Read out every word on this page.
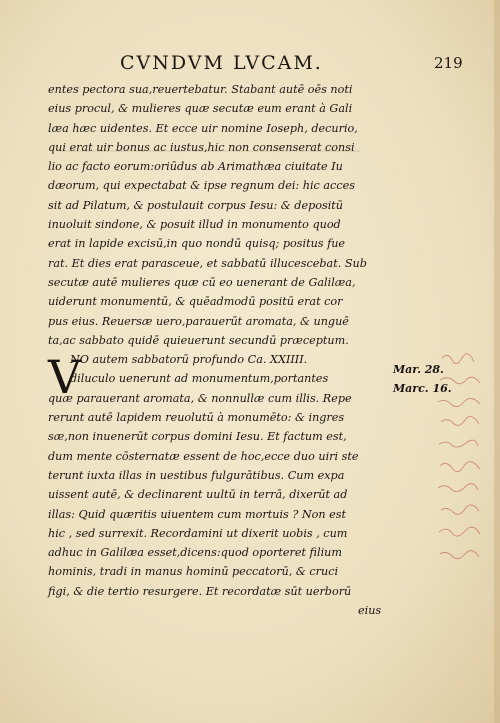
CVNDVM LVCAM.	219
entes pectora sua,reuertebatur. Stabant autē oēs noti
eius procul, & mulieres quæ secutæ eum erant à Gali
læa hæc uidentes. Et ecce uir nomine Ioseph, decurio,
qui erat uir bonus ac iustus,hic non consenserat consi
lio ac facto eorum:oriūdus ab Arimathæa ciuitate Iu
dæorum, qui expectabat & ipse regnum dei: hic acces
sit ad Pilatum, & postulauit corpus Iesu: & depositū
inuoluit sindone, & posuit illud in monumento quod
erat in lapide excisū,in quo nondū quisq; positus fue
rat. Et dies erat parasceue, et sabbatū illucescebat. Sub
secutæ autē mulieres quæ cū eo uenerant de Galilæa,
uiderunt monumentū, & quēadmodū positū erat cor
pus eius. Reuersæ uero,parauerūt aromata, & unguē
ta,ac sabbato quidē quieuerunt secundū præceptum.
NO autem sabbatorū profundo Ca. XXIIII.
diluculo uenerunt ad monumentum,portantes
quæ parauerant aromata, & nonnullæ cum illis. Repe
rerunt autē lapidem reuolutū à monumēto: & ingres
sæ,non inuenerūt corpus domini Iesu. Et factum est,
dum mente cōsternatæ essent de hoc,ecce duo uiri ste
terunt iuxta illas in uestibus fulgurātibus. Cum expa
uissent autē, & declinarent uultū in terrā, dixerūt ad
illas: Quid quæritis uiuentem cum mortuis ? Non est
hic , sed surrexit. Recordamini ut dixerit uobis , cum
adhuc in Galilæa esset,dicens:quod oporteret filium
hominis, tradi in manus hominū peccatorū, & cruci
figi, & die tertio resurgere. Et recordatæ sūt uerborū
eius
V	Mar. 28.
Marc. 16.
